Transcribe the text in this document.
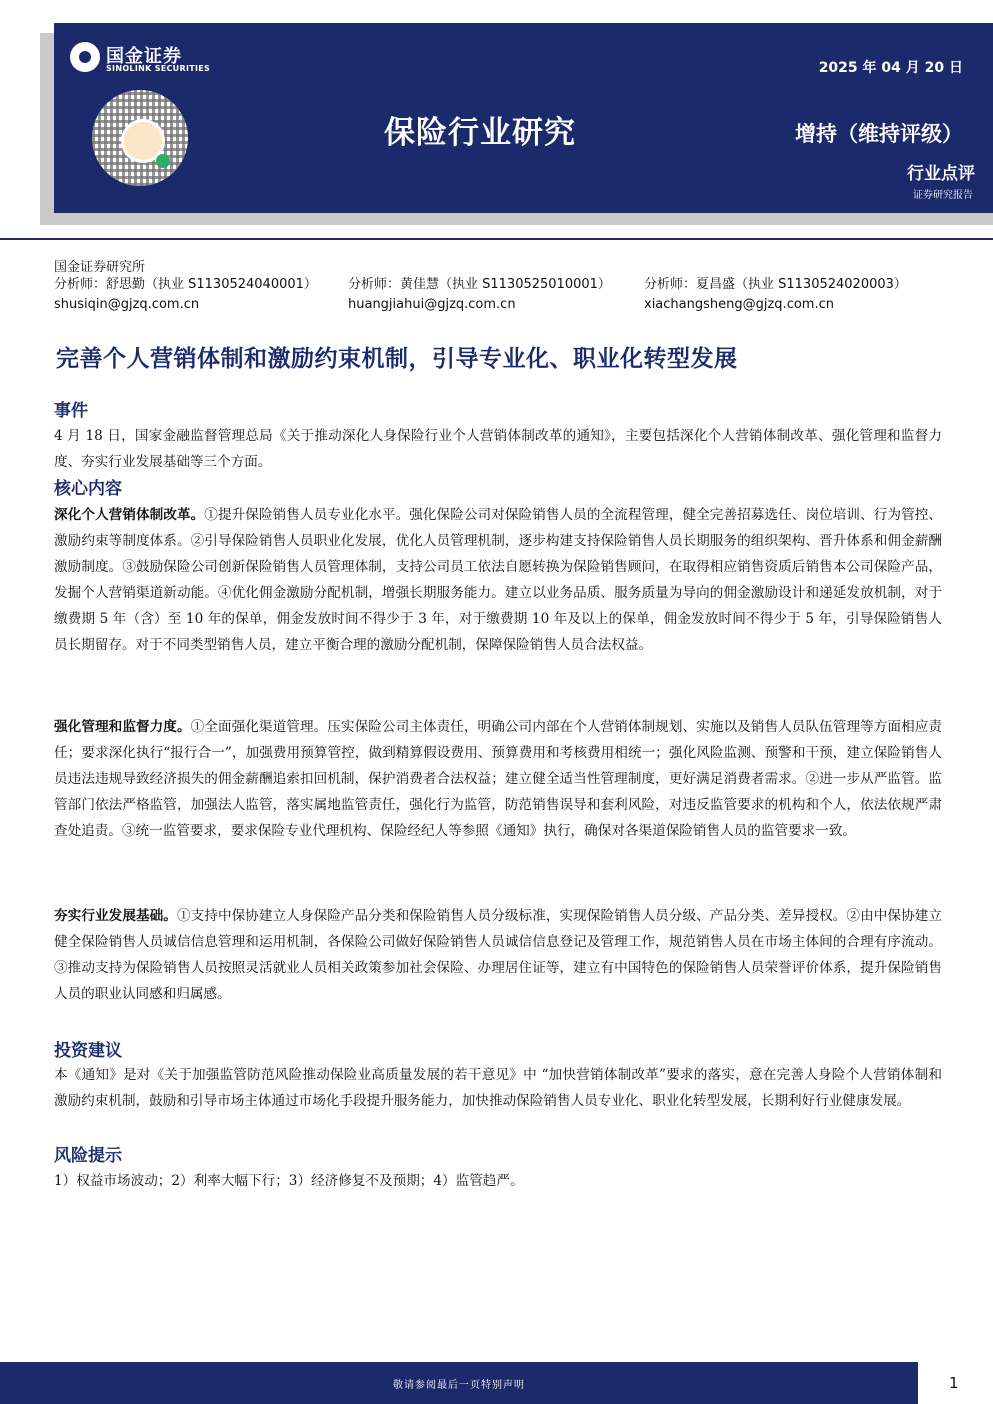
国金证券
SINOLINK SECURITIES	2025 年 04 月 20 日
保险行业研究	增持（维持评级）
行业点评
证券研究报告
国金证券研究所
分析师：舒思勤（执业 S1130524040001）
shusiqin@gjzq.com.cn
分析师：黄佳慧（执业 S1130525010001）
huangjiahui@gjzq.com.cn
分析师：夏昌盛（执业 S1130524020003）
xiachangsheng@gjzq.com.cn
完善个人营销体制和激励约束机制，引导专业化、职业化转型发展
事件

4 月 18 日，国家金融监督管理总局《关于推动深化人身保险行业个人营销体制改革的通知》，主要包括深化个人营销体制改革、强化管理和监督力度、夯实行业发展基础等三个方面。

核心内容

深化个人营销体制改革。①提升保险销售人员专业化水平。强化保险公司对保险销售人员的全流程管理，健全完善招募选任、岗位培训、行为管控、激励约束等制度体系。②引导保险销售人员职业化发展，优化人员管理机制，逐步构建支持保险销售人员长期服务的组织架构、晋升体系和佣金薪酬激励制度。③鼓励保险公司创新保险销售人员管理体制，支持公司员工依法自愿转换为保险销售顾问，在取得相应销售资质后销售本公司保险产品，发掘个人营销渠道新动能。④优化佣金激励分配机制，增强长期服务能力。建立以业务品质、服务质量为导向的佣金激励设计和递延发放机制，对于缴费期 5 年（含）至 10 年的保单，佣金发放时间不得少于 3 年，对于缴费期 10 年及以上的保单，佣金发放时间不得少于 5 年，引导保险销售人员长期留存。对于不同类型销售人员，建立平衡合理的激励分配机制，保障保险销售人员合法权益。

强化管理和监督力度。①全面强化渠道管理。压实保险公司主体责任，明确公司内部在个人营销体制规划、实施以及销售人员队伍管理等方面相应责任；要求深化执行“报行合一”，加强费用预算管控，做到精算假设费用、预算费用和考核费用相统一；强化风险监测、预警和干预，建立保险销售人员违法违规导致经济损失的佣金薪酬追索扣回机制，保护消费者合法权益；建立健全适当性管理制度，更好满足消费者需求。②进一步从严监管。监管部门依法严格监管，加强法人监管，落实属地监管责任，强化行为监管，防范销售误导和套利风险，对违反监管要求的机构和个人，依法依规严肃查处追责。③统一监管要求，要求保险专业代理机构、保险经纪人等参照《通知》执行，确保对各渠道保险销售人员的监管要求一致。

夯实行业发展基础。①支持中保协建立人身保险产品分类和保险销售人员分级标准，实现保险销售人员分级、产品分类、差异授权。②由中保协建立健全保险销售人员诚信信息管理和运用机制，各保险公司做好保险销售人员诚信信息登记及管理工作，规范销售人员在市场主体间的合理有序流动。③推动支持为保险销售人员按照灵活就业人员相关政策参加社会保险、办理居住证等，建立有中国特色的保险销售人员荣誉评价体系，提升保险销售人员的职业认同感和归属感。

投资建议

本《通知》是对《关于加强监管防范风险推动保险业高质量发展的若干意见》中 “加快营销体制改革”要求的落实，意在完善人身险个人营销体制和激励约束机制，鼓励和引导市场主体通过市场化手段提升服务能力，加快推动保险销售人员专业化、职业化转型发展，长期利好行业健康发展。

风险提示

1）权益市场波动；2）利率大幅下行；3）经济修复不及预期；4）监管趋严。

敬请参阅最后一页特别声明	1
